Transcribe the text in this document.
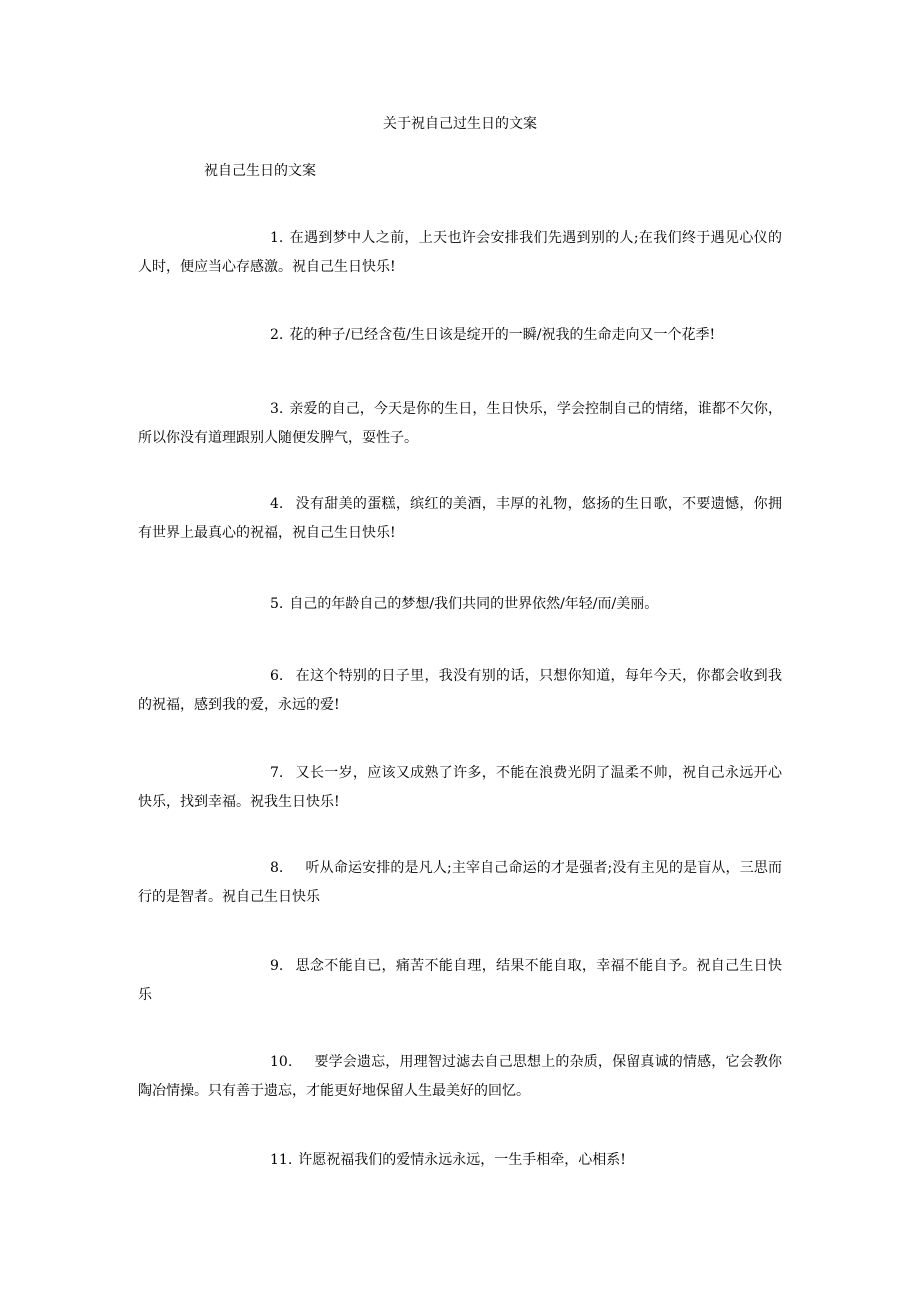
关于祝自己过生日的文案
祝自己生日的文案

1. 在遇到梦中人之前，上天也许会安排我们先遇到别的人;在我们终于遇见心仪的人时，便应当心存感激。祝自己生日快乐!

2. 花的种子/已经含苞/生日该是绽开的一瞬/祝我的生命走向又一个花季!

3. 亲爱的自己，今天是你的生日，生日快乐，学会控制自己的情绪，谁都不欠你，所以你没有道理跟别人随便发脾气，耍性子。

4. 没有甜美的蛋糕，缤红的美酒，丰厚的礼物，悠扬的生日歌，不要遗憾，你拥有世界上最真心的祝福，祝自己生日快乐!

5. 自己的年龄自己的梦想/我们共同的世界依然/年轻/而/美丽。

6. 在这个特别的日子里，我没有别的话，只想你知道，每年今天，你都会收到我的祝福，感到我的爱，永远的爱!

7. 又长一岁，应该又成熟了许多，不能在浪费光阴了温柔不帅，祝自己永远开心快乐，找到幸福。祝我生日快乐!

8. 听从命运安排的是凡人;主宰自己命运的才是强者;没有主见的是盲从，三思而行的是智者。祝自己生日快乐

9. 思念不能自已，痛苦不能自理，结果不能自取，幸福不能自予。祝自己生日快乐

10. 要学会遗忘，用理智过滤去自己思想上的杂质，保留真诚的情感，它会教你陶冶情操。只有善于遗忘，才能更好地保留人生最美好的回忆。

11. 许愿祝福我们的爱情永远永远，一生手相牵，心相系!
